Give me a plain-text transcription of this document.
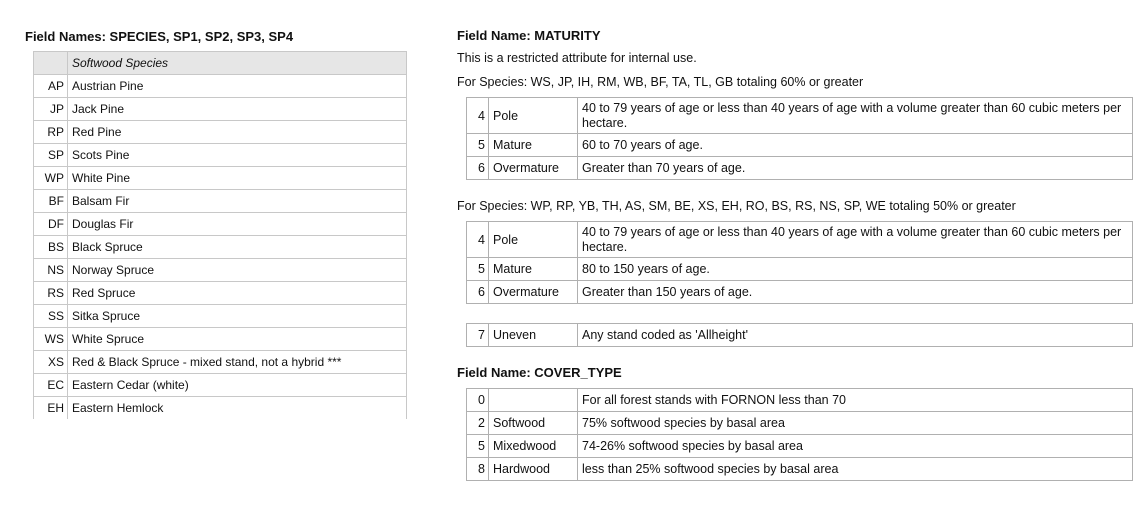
Field Names: SPECIES, SP1, SP2, SP3, SP4
	Softwood Species
AP	Austrian Pine
JP	Jack Pine
RP	Red Pine
SP	Scots Pine
WP	White Pine
BF	Balsam Fir
DF	Douglas Fir
BS	Black Spruce
NS	Norway Spruce
RS	Red Spruce
SS	Sitka Spruce
WS	White Spruce
XS	Red & Black Spruce - mixed stand, not a hybrid ***
EC	Eastern Cedar (white)
EH	Eastern Hemlock
Field Name: MATURITY
This is a restricted attribute for internal use.
For Species: WS, JP, IH, RM, WB, BF, TA, TL, GB totaling 60% or greater
4	Pole	40 to 79 years of age or less than 40 years of age with a volume greater than 60 cubic meters per hectare.
5	Mature	60 to 70 years of age.
6	Overmature	Greater than 70 years of age.
For Species: WP, RP, YB, TH, AS, SM, BE, XS, EH, RO, BS, RS, NS, SP, WE totaling 50% or greater
4	Pole	40 to 79 years of age or less than 40 years of age with a volume greater than 60 cubic meters per hectare.
5	Mature	80 to 150 years of age.
6	Overmature	Greater than 150 years of age.
7	Uneven	Any stand coded as 'Allheight'
Field Name: COVER_TYPE
0		For all forest stands with FORNON less than 70
2	Softwood	75% softwood species by basal area
5	Mixedwood	74-26% softwood species by basal area
8	Hardwood	less than 25% softwood species by basal area
